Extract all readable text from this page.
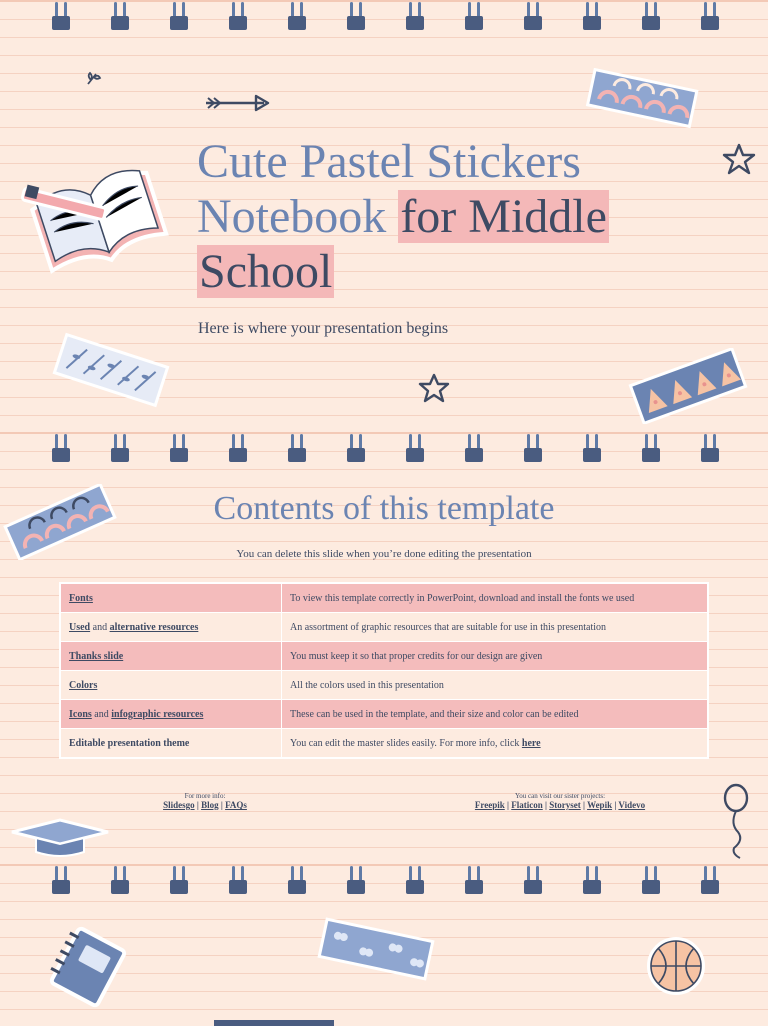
Cute Pastel Stickers
Notebook for Middle
School
Here is where your presentation begins
Contents of this template
You can delete this slide when you’re done editing the presentation
Fonts	To view this template correctly in PowerPoint, download and install the fonts we used
Used and alternative resources	An assortment of graphic resources that are suitable for use in this presentation
Thanks slide	You must keep it so that proper credits for our design are given
Colors	All the colors used in this presentation
Icons and infographic resources	These can be used in the template, and their size and color can be edited
Editable presentation theme	You can edit the master slides easily. For more info, click here
For more info:
Slidesgo | Blog | FAQs
You can visit our sister projects:
Freepik | Flaticon | Storyset | Wepik | Videvo
